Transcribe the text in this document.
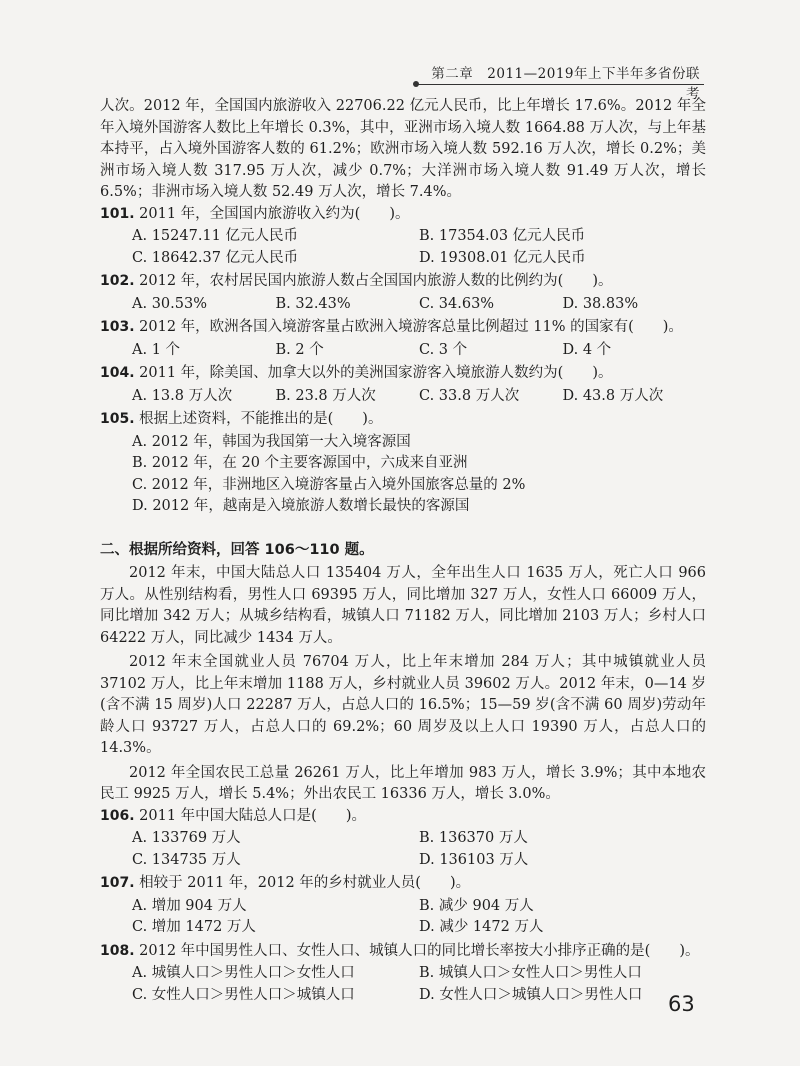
第二章　2011—2019年上下半年多省份联考

人次。2012 年，全国国内旅游收入 22706.22 亿元人民币，比上年增长 17.6%。2012 年全年入境外国游客人数比上年增长 0.3%，其中，亚洲市场入境人数 1664.88 万人次，与上年基本持平，占入境外国游客人数的 61.2%；欧洲市场入境人数 592.16 万人次，增长 0.2%；美洲市场入境人数 317.95 万人次，减少 0.7%；大洋洲市场入境人数 91.49 万人次，增长 6.5%；非洲市场入境人数 52.49 万人次，增长 7.4%。

101. 2011 年，全国国内旅游收入约为(　　)。

A. 15247.11 亿元人民币	B. 17354.03 亿元人民币
C. 18642.37 亿元人民币	D. 19308.01 亿元人民币

102. 2012 年，农村居民国内旅游人数占全国国内旅游人数的比例约为(　　)。

A. 30.53%	B. 32.43%	C. 34.63%	D. 38.83%

103. 2012 年，欧洲各国入境游客量占欧洲入境游客总量比例超过 11% 的国家有(　　)。

A. 1 个	B. 2 个	C. 3 个	D. 4 个

104. 2011 年，除美国、加拿大以外的美洲国家游客入境旅游人数约为(　　)。

A. 13.8 万人次	B. 23.8 万人次	C. 33.8 万人次	D. 43.8 万人次

105. 根据上述资料，不能推出的是(　　)。

A. 2012 年，韩国为我国第一大入境客源国
B. 2012 年，在 20 个主要客源国中，六成来自亚洲
C. 2012 年，非洲地区入境游客量占入境外国旅客总量的 2%
D. 2012 年，越南是入境旅游人数增长最快的客源国
二、根据所给资料，回答 106～110 题。

2012 年末，中国大陆总人口 135404 万人，全年出生人口 1635 万人，死亡人口 966 万人。从性别结构看，男性人口 69395 万人，同比增加 327 万人，女性人口 66009 万人，同比增加 342 万人；从城乡结构看，城镇人口 71182 万人，同比增加 2103 万人；乡村人口 64222 万人，同比减少 1434 万人。

2012 年末全国就业人员 76704 万人，比上年末增加 284 万人；其中城镇就业人员 37102 万人，比上年末增加 1188 万人，乡村就业人员 39602 万人。2012 年末，0—14 岁(含不满 15 周岁)人口 22287 万人，占总人口的 16.5%；15—59 岁(含不满 60 周岁)劳动年龄人口 93727 万人，占总人口的 69.2%；60 周岁及以上人口 19390 万人，占总人口的 14.3%。

2012 年全国农民工总量 26261 万人，比上年增加 983 万人，增长 3.9%；其中本地农民工 9925 万人，增长 5.4%；外出农民工 16336 万人，增长 3.0%。

106. 2011 年中国大陆总人口是(　　)。

A. 133769 万人	B. 136370 万人
C. 134735 万人	D. 136103 万人

107. 相较于 2011 年，2012 年的乡村就业人员(　　)。

A. 增加 904 万人	B. 减少 904 万人
C. 增加 1472 万人	D. 减少 1472 万人

108. 2012 年中国男性人口、女性人口、城镇人口的同比增长率按大小排序正确的是(　　)。

A. 城镇人口＞男性人口＞女性人口	B. 城镇人口＞女性人口＞男性人口
C. 女性人口＞男性人口＞城镇人口	D. 女性人口＞城镇人口＞男性人口	63
